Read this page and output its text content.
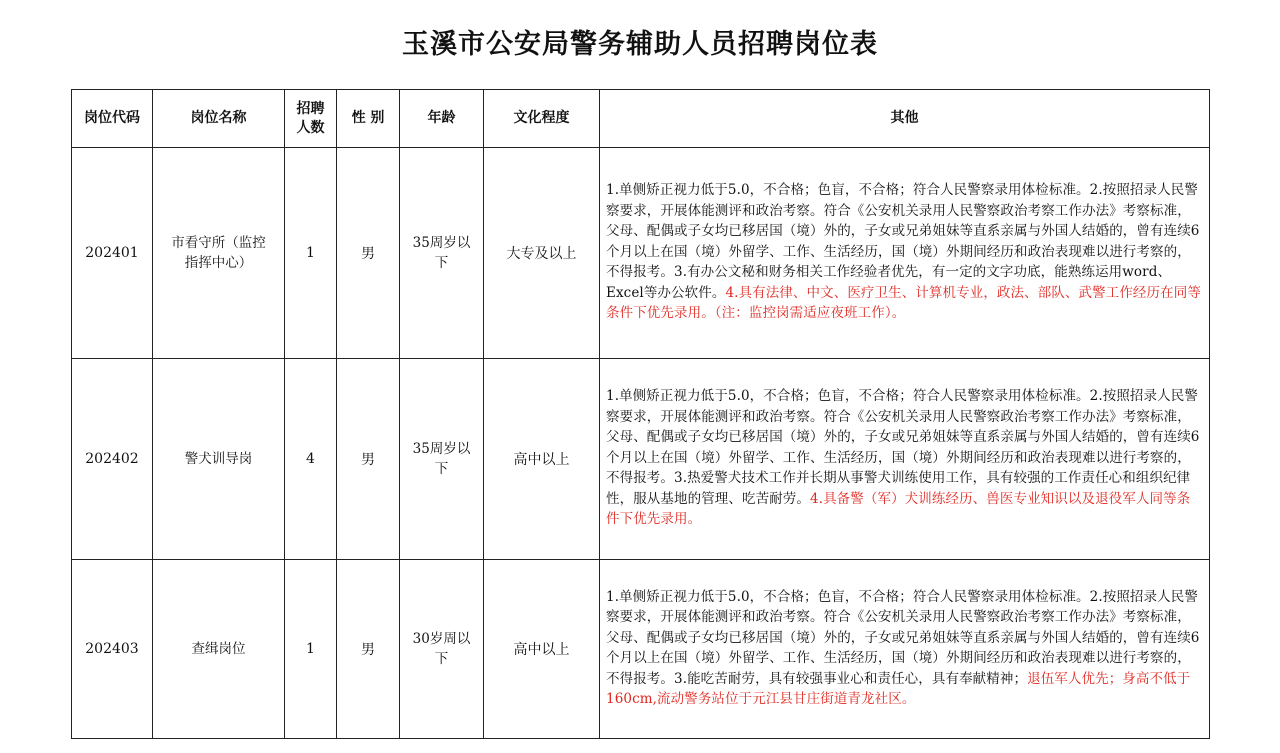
玉溪市公安局警务辅助人员招聘岗位表
岗位代码	岗位名称	招聘人数	性 别	年龄	文化程度	其他
202401	市看守所（监控指挥中心）	1	男	35周岁以下	大专及以上	1.单侧矫正视力低于5.0，不合格；色盲，不合格；符合人民警察录用体检标准。2.按照招录人民警察要求，开展体能测评和政治考察。符合《公安机关录用人民警察政治考察工作办法》考察标准，父母、配偶或子女均已移居国（境）外的，子女或兄弟姐妹等直系亲属与外国人结婚的，曾有连续6个月以上在国（境）外留学、工作、生活经历，国（境）外期间经历和政治表现难以进行考察的，不得报考。3.有办公文秘和财务相关工作经验者优先，有一定的文字功底，能熟练运用word、Excel等办公软件。4.具有法律、中文、医疗卫生、计算机专业，政法、部队、武警工作经历在同等条件下优先录用。（注：监控岗需适应夜班工作）。
202402	警犬训导岗	4	男	35周岁以下	高中以上	1.单侧矫正视力低于5.0，不合格；色盲，不合格；符合人民警察录用体检标准。2.按照招录人民警察要求，开展体能测评和政治考察。符合《公安机关录用人民警察政治考察工作办法》考察标准，父母、配偶或子女均已移居国（境）外的，子女或兄弟姐妹等直系亲属与外国人结婚的，曾有连续6个月以上在国（境）外留学、工作、生活经历，国（境）外期间经历和政治表现难以进行考察的，不得报考。3.热爱警犬技术工作并长期从事警犬训练使用工作，具有较强的工作责任心和组织纪律性，服从基地的管理、吃苦耐劳。4.具备警（军）犬训练经历、兽医专业知识以及退役军人同等条件下优先录用。
202403	查缉岗位	1	男	30岁周以下	高中以上	1.单侧矫正视力低于5.0，不合格；色盲，不合格；符合人民警察录用体检标准。2.按照招录人民警察要求，开展体能测评和政治考察。符合《公安机关录用人民警察政治考察工作办法》考察标准，父母、配偶或子女均已移居国（境）外的，子女或兄弟姐妹等直系亲属与外国人结婚的，曾有连续6个月以上在国（境）外留学、工作、生活经历，国（境）外期间经历和政治表现难以进行考察的，不得报考。3.能吃苦耐劳，具有较强事业心和责任心，具有奉献精神；退伍军人优先；身高不低于160cm,流动警务站位于元江县甘庄街道青龙社区。
